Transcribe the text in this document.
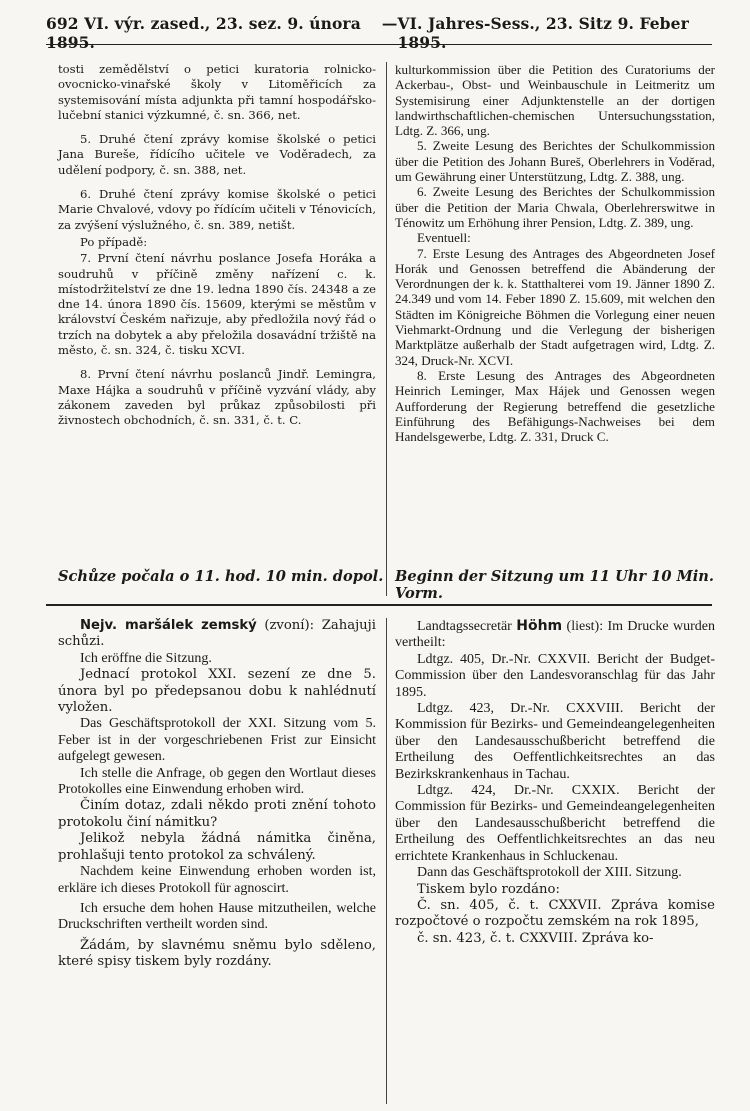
692 VI. výr. zased., 23. sez. 9. února 1895.
— VI. Jahres-Sess., 23. Sitz 9. Feber 1895.

tosti zemědělství o petici kuratoria rolnicko-ovocnicko-vinařské školy v Litoměřicích za systemisování místa adjunkta při tamní hospodářsko-lučební stanici výzkumné, č. sn. 366, net.

5. Druhé čtení zprávy komise školské o petici Jana Bureše, řídícího učitele ve Voděradech, za udělení podpory, č. sn. 388, net.

6. Druhé čtení zprávy komise školské o petici Marie Chvalové, vdovy po řídícím učiteli v Ténovicích, za zvýšení výslužného, č. sn. 389, netišt.

Po případě:

7. První čtení návrhu poslance Josefa Horáka a soudruhů v příčině změny nařízení c. k. místodržitelství ze dne 19. ledna 1890 čís. 24348 a ze dne 14. února 1890 čís. 15609, kterými se městům v království Českém nařizuje, aby předložila nový řád o trzích na dobytek a aby přeložila dosavádní tržiště na město, č. sn. 324, č. tisku XCVI.

8. První čtení návrhu poslanců Jindř. Lemingra, Maxe Hájka a soudruhů v příčině vyzvání vlády, aby zákonem zaveden byl průkaz způsobilosti při živnostech obchodních, č. sn. 331, č. t. C.

kulturkommission über die Petition des Curatoriums der Ackerbau-, Obst- und Weinbauschule in Leitmeritz um Systemisirung einer Adjunktenstelle an der dortigen landwirthschaftlichen-chemischen Untersuchungsstation, Ldtg. Z. 366, ung.

5. Zweite Lesung des Berichtes der Schulkommission über die Petition des Johann Bureš, Oberlehrers in Voděrad, um Gewährung einer Unterstützung, Ldtg. Z. 388, ung.

6. Zweite Lesung des Berichtes der Schulkommission über die Petition der Maria Chwala, Oberlehrerswitwe in Ténowitz um Erhöhung ihrer Pension, Ldtg. Z. 389, ung.

Eventuell:

7. Erste Lesung des Antrages des Abgeordneten Josef Horák und Genossen betreffend die Abänderung der Verordnungen der k. k. Statthalterei vom 19. Jänner 1890 Z. 24.349 und vom 14. Feber 1890 Z. 15.609, mit welchen den Städten im Königreiche Böhmen die Vorlegung einer neuen Viehmarkt-Ordnung und die Verlegung der bisherigen Marktplätze außerhalb der Stadt aufgetragen wird, Ldtg. Z. 324, Druck-Nr. XCVI.

8. Erste Lesung des Antrages des Abgeordneten Heinrich Leminger, Max Hájek und Genossen wegen Aufforderung der Regierung betreffend die gesetzliche Einführung des Befähigungs-Nachweises bei dem Handelsgewerbe, Ldtg. Z. 331, Druck C.

Schůze počala o 11. hod. 10 min. dopol. Beginn der Sitzung um 11 Uhr 10 Min. Vorm.

Nejv. maršálek zemský (zvoní): Zahajuji schůzi.

Ich eröffne die Sitzung.

Jednací protokol XXI. sezení ze dne 5. února byl po předepsanou dobu k nahlédnutí vyložen.

Das Geschäftsprotokoll der XXI. Sitzung vom 5. Feber ist in der vorgeschriebenen Frist zur Einsicht aufgelegt gewesen.

Ich stelle die Anfrage, ob gegen den Wortlaut dieses Protokolles eine Einwendung erhoben wird.

Činím dotaz, zdali někdo proti znění tohoto protokolu činí námitku?

Jelikož nebyla žádná námitka činěna, prohlašuji tento protokol za schválený.

Nachdem keine Einwendung erhoben worden ist, erkläre ich dieses Protokoll für agnoscirt.

Ich ersuche dem hohen Hause mitzutheilen, welche Druckschriften vertheilt worden sind.

Žádám, by slavnému sněmu bylo sděleno, které spisy tiskem byly rozdány.

Landtagssecretär Höhm (liest): Im Drucke wurden vertheilt:

Ldtgz. 405, Dr.-Nr. CXXVII. Bericht der Budget-Commission über den Landesvoranschlag für das Jahr 1895.

Ldtgz. 423, Dr.-Nr. CXXVIII. Bericht der Kommission für Bezirks- und Gemeindeangelegenheiten über den Landesausschußbericht betreffend die Ertheilung des Oeffentlichkeitsrechtes an das Bezirkskrankenhaus in Tachau.

Ldtgz. 424, Dr.-Nr. CXXIX. Bericht der Commission für Bezirks- und Gemeindeangelegenheiten über den Landesausschußbericht betreffend die Ertheilung des Oeffentlichkeitsrechtes an das neu errichtete Krankenhaus in Schluckenau.

Dann das Geschäftsprotokoll der XIII. Sitzung.

Tiskem bylo rozdáno:

Č. sn. 405, č. t. CXXVII. Zpráva komise rozpočtové o rozpočtu zemském na rok 1895,

č. sn. 423, č. t. CXXVIII. Zpráva ko-
